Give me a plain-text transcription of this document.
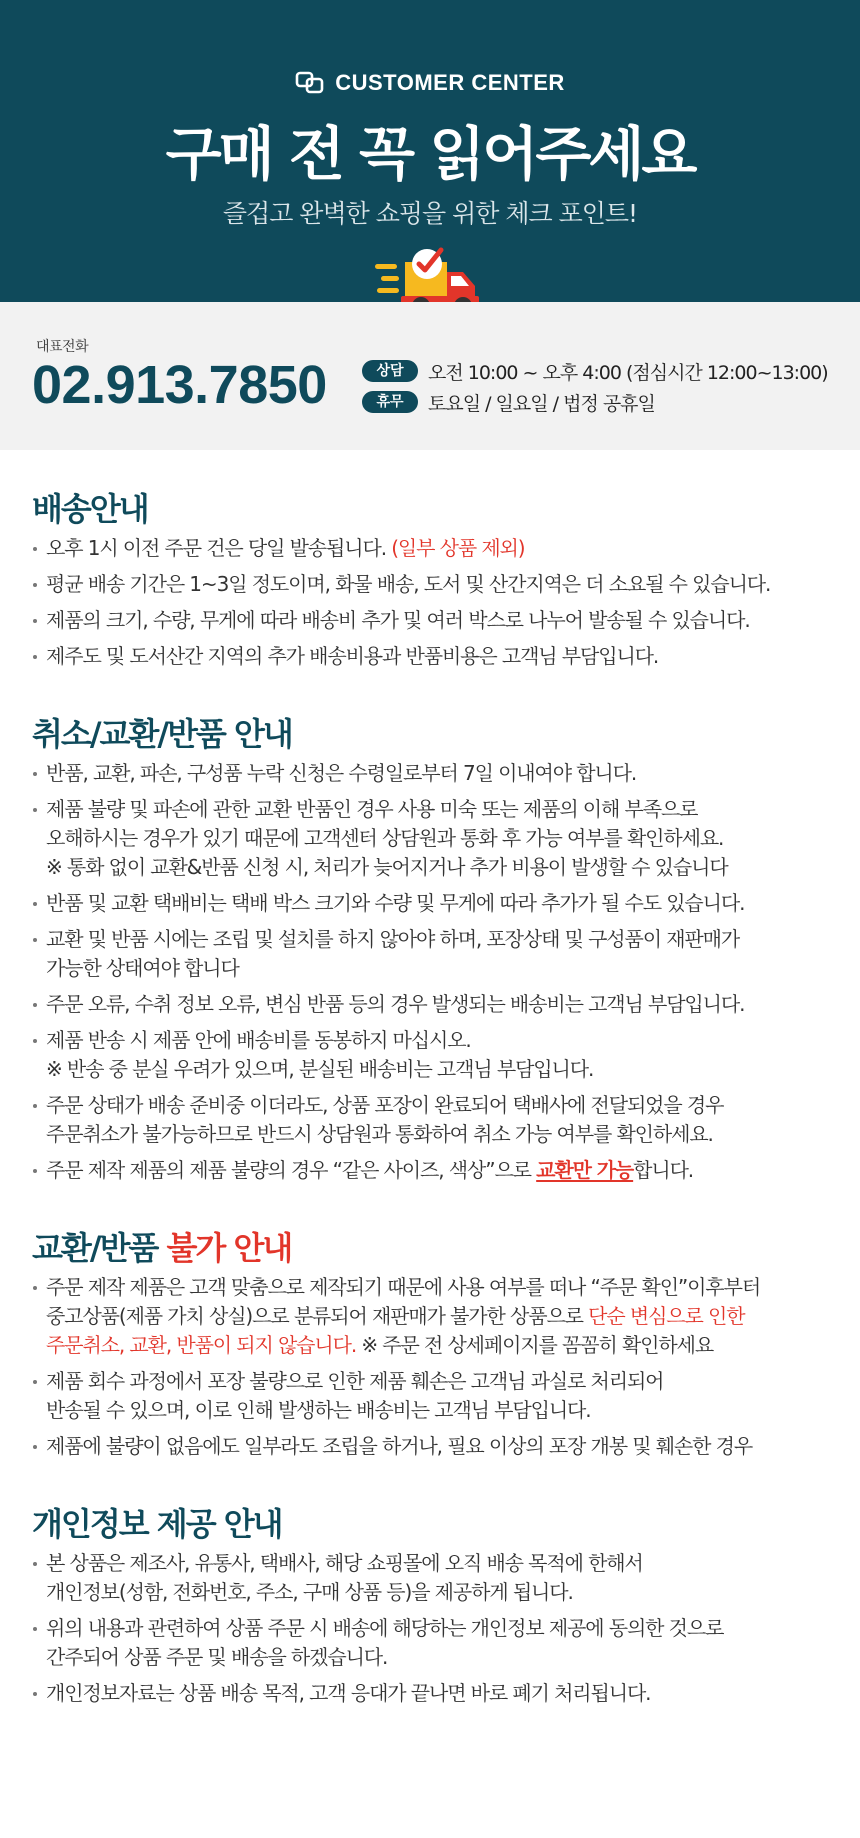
CUSTOMER CENTER
구매 전 꼭 읽어주세요
즐겁고 완벽한 쇼핑을 위한 체크 포인트!
대표전화
02.913.7850	상담	오전 10:00 ~ 오후 4:00 (점심시간 12:00~13:00)
휴무	토요일 / 일요일 / 법정 공휴일
배송안내
오후 1시 이전 주문 건은 당일 발송됩니다. (일부 상품 제외)
평균 배송 기간은 1~3일 정도이며, 화물 배송, 도서 및 산간지역은 더 소요될 수 있습니다.
제품의 크기, 수량, 무게에 따라 배송비 추가 및 여러 박스로 나누어 발송될 수 있습니다.
제주도 및 도서산간 지역의 추가 배송비용과 반품비용은 고객님 부담입니다.
취소/교환/반품 안내
반품, 교환, 파손, 구성품 누락 신청은 수령일로부터 7일 이내여야 합니다.
제품 불량 및 파손에 관한 교환 반품인 경우 사용 미숙 또는 제품의 이해 부족으로
오해하시는 경우가 있기 때문에 고객센터 상담원과 통화 후 가능 여부를 확인하세요.
※ 통화 없이 교환&반품 신청 시, 처리가 늦어지거나 추가 비용이 발생할 수 있습니다
반품 및 교환 택배비는 택배 박스 크기와 수량 및 무게에 따라 추가가 될 수도 있습니다.
교환 및 반품 시에는 조립 및 설치를 하지 않아야 하며, 포장상태 및 구성품이 재판매가
가능한 상태여야 합니다
주문 오류, 수취 정보 오류, 변심 반품 등의 경우 발생되는 배송비는 고객님 부담입니다.
제품 반송 시 제품 안에 배송비를 동봉하지 마십시오.
※ 반송 중 분실 우려가 있으며, 분실된 배송비는 고객님 부담입니다.
주문 상태가 배송 준비중 이더라도, 상품 포장이 완료되어 택배사에 전달되었을 경우
주문취소가 불가능하므로 반드시 상담원과 통화하여 취소 가능 여부를 확인하세요.
주문 제작 제품의 제품 불량의 경우 “같은 사이즈, 색상”으로 교환만 가능합니다.
교환/반품 불가 안내
주문 제작 제품은 고객 맞춤으로 제작되기 때문에 사용 여부를 떠나 “주문 확인”이후부터
중고상품(제품 가치 상실)으로 분류되어 재판매가 불가한 상품으로 단순 변심으로 인한
주문취소, 교환, 반품이 되지 않습니다. ※ 주문 전 상세페이지를 꼼꼼히 확인하세요
제품 회수 과정에서 포장 불량으로 인한 제품 훼손은 고객님 과실로 처리되어
반송될 수 있으며, 이로 인해 발생하는 배송비는 고객님 부담입니다.
제품에 불량이 없음에도 일부라도 조립을 하거나, 필요 이상의 포장 개봉 및 훼손한 경우
개인정보 제공 안내
본 상품은 제조사, 유통사, 택배사, 해당 쇼핑몰에 오직 배송 목적에 한해서
개인정보(성함, 전화번호, 주소, 구매 상품 등)을 제공하게 됩니다.
위의 내용과 관련하여 상품 주문 시 배송에 해당하는 개인정보 제공에 동의한 것으로
간주되어 상품 주문 및 배송을 하겠습니다.
개인정보자료는 상품 배송 목적, 고객 응대가 끝나면 바로 폐기 처리됩니다.
